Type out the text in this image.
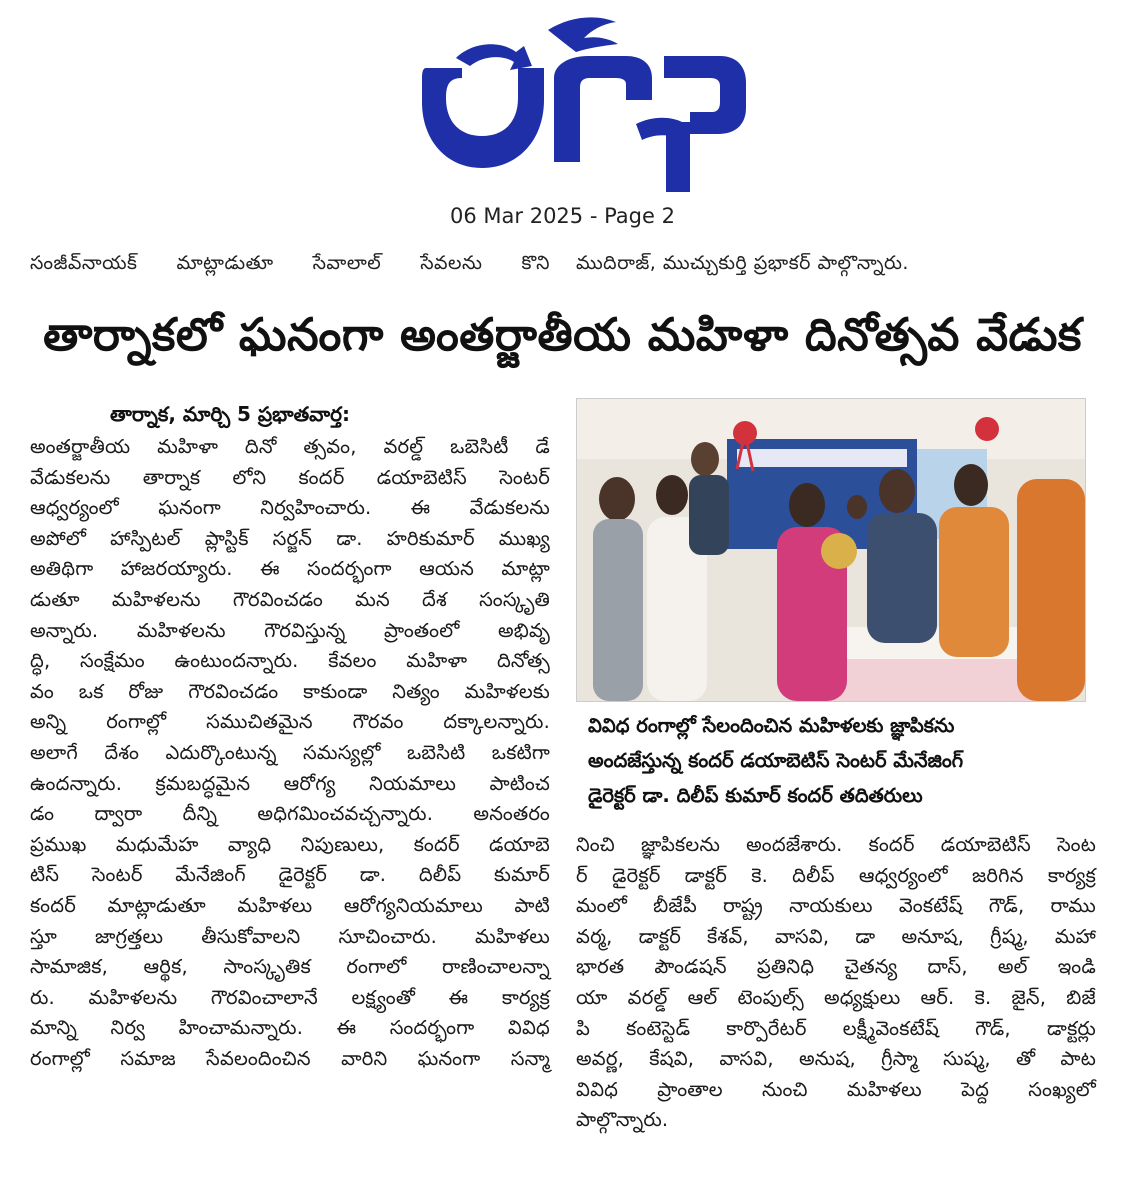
06 Mar 2025 - Page 2
సంజీవ్‌నాయక్ మాట్లాడుతూ సేవాలాల్ సేవలను కొని ముదిరాజ్, ముచ్చుకుర్తి ప్రభాకర్ పాల్గొన్నారు.
తార్నాకలో ఘనంగా అంతర్జాతీయ మహిళా దినోత్సవ వేడుక
తార్నాక, మార్చి 5 ప్రభాతవార్త:
అంతర్జాతీయ మహిళా దినో త్సవం, వరల్డ్ ఒబెసిటీ డే
వేడుకలను తార్నాక లోని కందర్ డయాబెటిస్ సెంటర్
ఆధ్వర్యంలో ఘనంగా నిర్వహించారు. ఈ వేడుకలను
అపోలో హాస్పిటల్ ప్లాస్టిక్ సర్జన్ డా. హరికుమార్ ముఖ్య
అతిథిగా హాజరయ్యారు. ఈ సందర్భంగా ఆయన మాట్లా
డుతూ మహిళలను గౌరవించడం మన దేశ సంస్కృతి
అన్నారు. మహిళలను గౌరవిస్తున్న ప్రాంతంలో అభివృ
ద్ధి, సంక్షేమం ఉంటుందన్నారు. కేవలం మహిళా దినోత్స
వం ఒక రోజు గౌరవించడం కాకుండా నిత్యం మహిళలకు
అన్ని రంగాల్లో సముచితమైన గౌరవం దక్కాలన్నారు.
అలాగే దేశం ఎదుర్కొంటున్న సమస్యల్లో ఒబెసిటి ఒకటిగా
ఉందన్నారు. క్రమబద్ధమైన ఆరోగ్య నియమాలు పాటించ
డం ద్వారా దీన్ని అధిగమించవచ్చన్నారు. అనంతరం
ప్రముఖ మధుమేహ వ్యాధి నిపుణులు, కందర్ డయాబె
టిస్ సెంటర్ మేనేజింగ్ డైరెక్టర్ డా. దిలీప్ కుమార్
కందర్ మాట్లాడుతూ మహిళలు ఆరోగ్యనియమాలు పాటి
స్తూ జాగ్రత్తలు తీసుకోవాలని సూచించారు. మహిళలు
సామాజిక, ఆర్థిక, సాంస్కృతిక రంగాలో రాణించాలన్నా
రు. మహిళలను గౌరవించాలానే లక్ష్యంతో ఈ కార్యక్ర
మాన్ని నిర్వ హించామన్నారు. ఈ సందర్భంగా వివిధ
రంగాల్లో సమాజ సేవలందించిన వారిని ఘనంగా సన్మా
వివిధ రంగాల్లో సేలందించిన మహిళలకు జ్ఞాపికను
అందజేస్తున్న కందర్ డయాబెటిస్ సెంటర్ మేనేజింగ్
డైరెక్టర్ డా. దిలీప్ కుమార్ కందర్ తదితరులు
నించి జ్ఞాపికలను అందజేశారు. కందర్ డయాబెటిస్ సెంట
ర్ డైరెక్టర్ డాక్టర్ కె. దిలీప్ ఆధ్వర్యంలో జరిగిన కార్యక్ర
మంలో బీజేపీ రాష్ట్ర నాయకులు వెంకటేష్ గౌడ్, రాము
వర్మ, డాక్టర్ కేశవ్, వాసవి, డా అనూష, గ్రీష్మ, మహా
భారత పౌండషన్ ప్రతినిధి చైతన్య దాస్, అల్ ఇండి
యా వరల్డ్ ఆల్ టెంపుల్స్ అధ్యక్షులు ఆర్. కె. జైన్, బిజే
పి కంటెస్టెడ్ కార్పొరేటర్ లక్ష్మీవెంకటేష్ గౌడ్, డాక్టర్లు
అవర్ణ, కేషవి, వాసవి, అనుష, గ్రీస్మా సుష్మ, తో పాట
వివిధ ప్రాంతాల నుంచి మహిళలు పెద్ద సంఖ్యలో
పాల్గొన్నారు.
